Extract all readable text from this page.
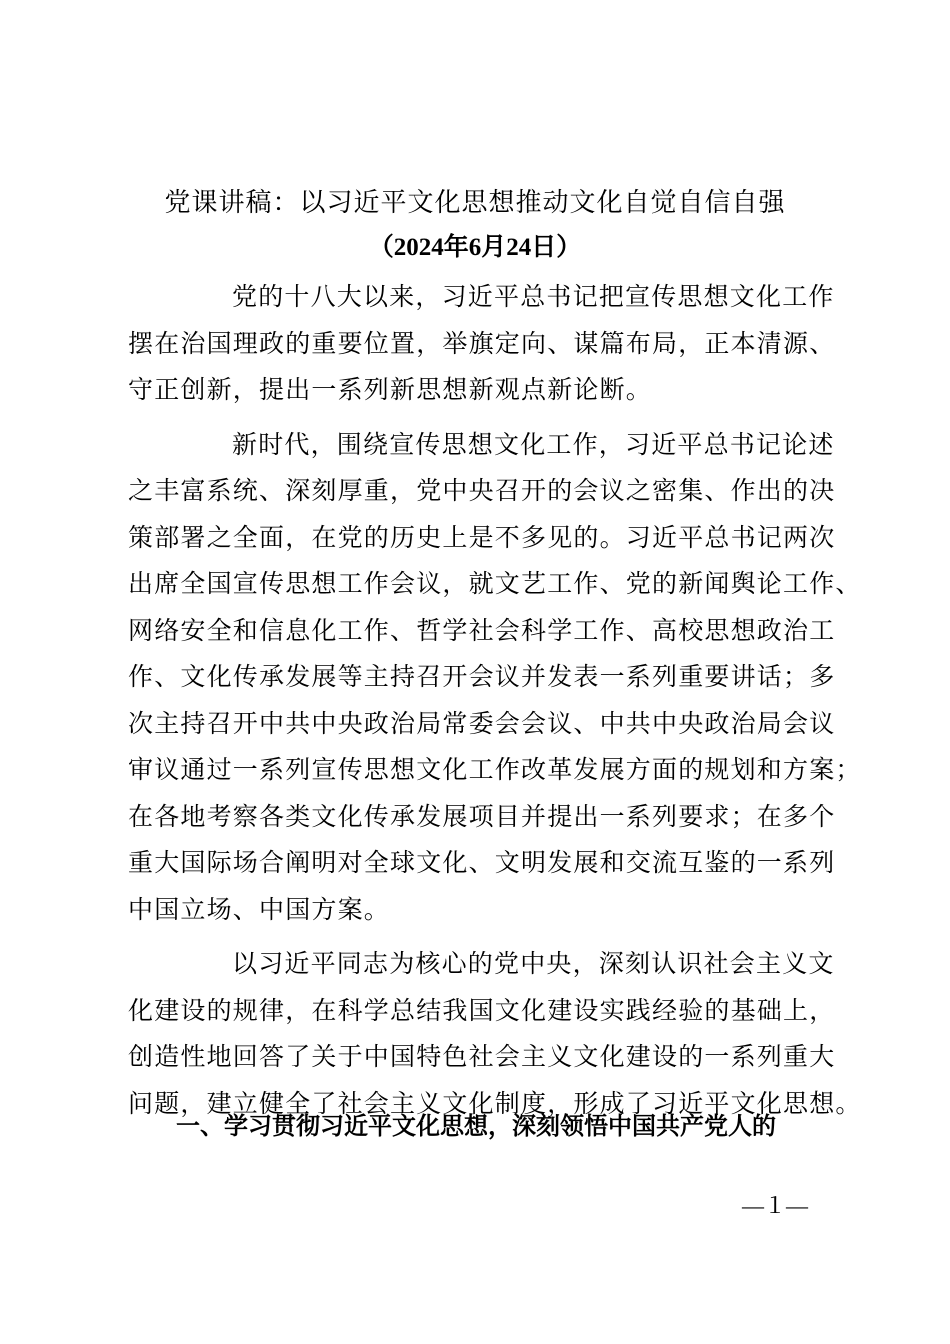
党课讲稿：以习近平文化思想推动文化自觉自信自强
（2024年6月24日）

党的十八大以来，习近平总书记把宣传思想文化工作
摆在治国理政的重要位置，举旗定向、谋篇布局，正本清源、
守正创新，提出一系列新思想新观点新论断。

新时代，围绕宣传思想文化工作，习近平总书记论述
之丰富系统、深刻厚重，党中央召开的会议之密集、作出的决
策部署之全面，在党的历史上是不多见的。习近平总书记两次
出席全国宣传思想工作会议，就文艺工作、党的新闻舆论工作、
网络安全和信息化工作、哲学社会科学工作、高校思想政治工
作、文化传承发展等主持召开会议并发表一系列重要讲话；多
次主持召开中共中央政治局常委会会议、中共中央政治局会议
审议通过一系列宣传思想文化工作改革发展方面的规划和方案；
在各地考察各类文化传承发展项目并提出一系列要求；在多个
重大国际场合阐明对全球文化、文明发展和交流互鉴的一系列
中国立场、中国方案。

以习近平同志为核心的党中央，深刻认识社会主义文
化建设的规律，在科学总结我国文化建设实践经验的基础上，
创造性地回答了关于中国特色社会主义文化建设的一系列重大
问题，建立健全了社会主义文化制度，形成了习近平文化思想。

一、学习贯彻习近平文化思想，深刻领悟中国共产党人的
—１—
